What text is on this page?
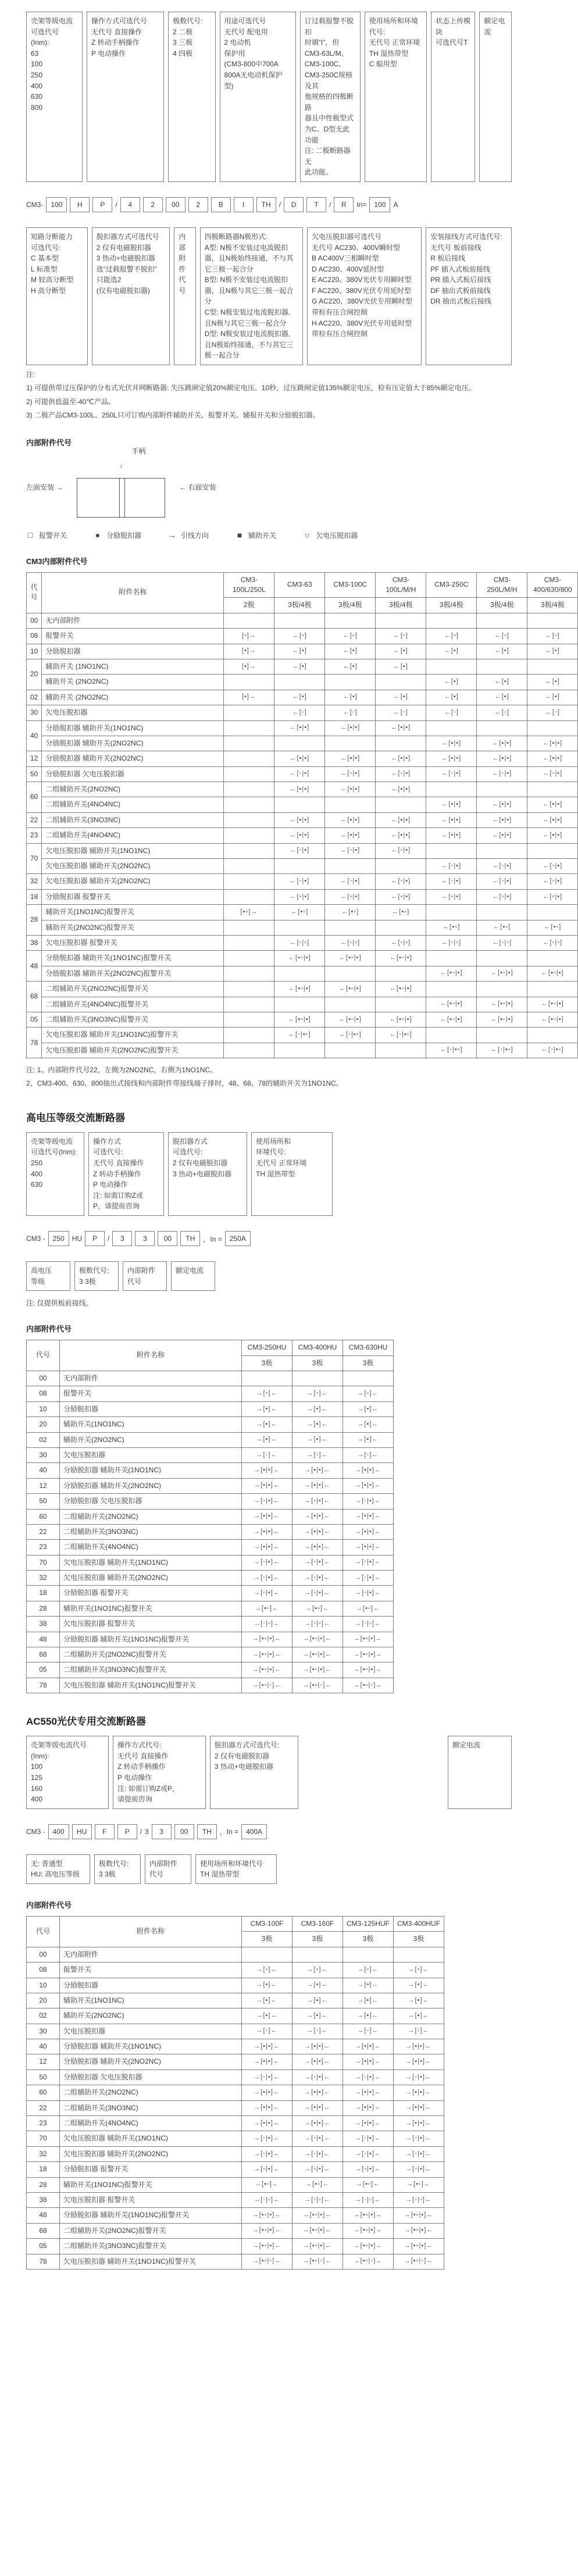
壳架等级电流
可选代号
(Inm):
63
100
250
400
630
800
操作方式可选代号
无代号 直接操作
Z 转动手柄操作
P 电动操作
极数代号:
2 二极
3 三极
4 四极
用途可选代号
无代号 配电用
2 电动机
保护用
(CM3-800中700A
800A无电动机保护型)
订过载报警不脱扣
时填“I”，但
CM3-63L/M、
CM3-100C、
CM3-250C规格及其
他规格的四极断路
器且中性极型式
为C、D型无此功能
注: 二极断路器无
此功能。
使用场所和环境
代号:
无代号 正常环境
TH 湿热带型
C 船用型
状态上传模块
可选代号T
额定电流
CM3-	100	H	P	/	4	2	00	2	B	I	TH	/	D	T	/	R	In=	100	A
短路分断能力
可选代号:
C 基本型
L 标准型
M 较高分断型
H 高分断型
脱扣器方式可选代号
2 仅有电磁脱扣器
3 热动+电磁脱扣器
选“过载报警不脱扣”
只能选2
(仅有电磁脱扣器)
内部
附件
代号
四极断路器N极形式:
A型: N极不安装过电流脱扣
器，且N极始终接通，不与其
它三极一起合分
B型: N极不安装过电流脱扣
器，且N极与其它三极一起合
分
C型: N极安装过电流脱扣器,
且N极与其它三极一起合分
D型: N极安装过电流脱扣器,
且N极始终接通，不与其它三
极一起合分
欠电压脱扣器可选代号
无代号 AC230、400V瞬时型
B AC400V三相瞬时型
D AC230、400V延时型
E AC220、380V光伏专用瞬时型
F AC220、380V光伏专用延时型
G AC220、380V光伏专用瞬时型
带检有压合闸控制
H AC220、380V光伏专用延时型
带检有压合闸控制
安装接线方式可选代号:
无代号 板前接线
R 板后接线
PF 插入式板前接线
PR 插入式板后接线
DF 抽出式板前接线
DR 抽出式板后接线

注:

1) 可提供带过压保护的分布式光伏并网断路器: 失压跳闸定值20%额定电压、10秒，过压跳闸定值135%额定电压，检有压定值大于85%额定电压。

2) 可提供低温至-40℃产品。

3) 二极产品CM3-100L、250L只可订购内部附件辅助开关、报警开关、辅报开关和分励脱扣器。

内部附件代号
左面安装 →
↓
手柄
← 右面安装
□ 报警开关	● 分励脱扣器	→ 引线方向	■ 辅助开关	○ 欠电压脱扣器
CM3内部附件代号
代号	附件名称	CM3-100L/250L	CM3-63	CM3-100C	CM3-100L/M/H	CM3-250C	CM3-250L/M/H	CM3-400/630/800
		2极	3极/4极	3极/4极	3极/4极	3极/4极	3极/4极	3极/4极
00	无内部附件							
08	报警开关	[▫]→	←[▫]	←[▫]	←[▫]	←[▫]	←[▫]	←[▫]
10	分励脱扣器	[•]→	←[•]	←[•]	←[•]	←[•]	←[•]	←[•]
20	辅助开关 (1NO1NC)	[▪]→	←[▪]	←[▪]	←[▪]			
	辅助开关 (2NO2NC)					←[▪]	←[▪]	←[▪]
02	辅助开关 (2NO2NC)	[▪]→	←[▪]	←[▪]	←[▪]	←[▪]	←[▪]	←[▪]
30	欠电压脱扣器		←[◦]	←[◦]	←[◦]	←[◦]	←[◦]	←[◦]
40	分励脱扣器 辅助开关(1NO1NC)		←[▪|•]	←[▪|•]	←[▪|•]			
	分励脱扣器 辅助开关(2NO2NC)					←[▪|•]	←[▪|•]	←[▪|•]
12	分励脱扣器 辅助开关(2NO2NC)		←[▪|•]	←[▪|•]	←[▪|•]	←[▪|•]	←[▪|•]	←[▪|•]
50	分励脱扣器 欠电压脱扣器		←[◦|•]	←[◦|•]	←[◦|•]	←[◦|•]	←[◦|•]	←[◦|•]
60	二组辅助开关(2NO2NC)		←[▪|▪]	←[▪|▪]	←[▪|▪]			
	二组辅助开关(4NO4NC)					←[▪|▪]	←[▪|▪]	←[▪|▪]
22	二组辅助开关(3NO3NC)		←[▪|▪]	←[▪|▪]	←[▪|▪]	←[▪|▪]	←[▪|▪]	←[▪|▪]
23	二组辅助开关(4NO4NC)		←[▪|▪]	←[▪|▪]	←[▪|▪]	←[▪|▪]	←[▪|▪]	←[▪|▪]
70	欠电压脱扣器 辅助开关(1NO1NC)		←[◦|▪]	←[◦|▪]	←[◦|▪]			
	欠电压脱扣器 辅助开关(2NO2NC)					←[◦|▪]	←[◦|▪]	←[◦|▪]
32	欠电压脱扣器 辅助开关(2NO2NC)		←[◦|▪]	←[◦|▪]	←[◦|▪]	←[◦|▪]	←[◦|▪]	←[◦|▪]
18	分励脱扣器 报警开关		←[▫|•]	←[▫|•]	←[▫|•]	←[▫|•]	←[▫|•]	←[▫|•]
28	辅助开关(1NO1NC)报警开关	[▪▫]→	←[▪▫]	←[▪▫]	←[▪▫]			
	辅助开关(2NO2NC)报警开关					←[▪▫]	←[▪▫]	←[▪▫]
38	欠电压脱扣器 报警开关		←[◦|▫]	←[◦|▫]	←[◦|▫]	←[◦|▫]	←[◦|▫]	←[◦|▫]
48	分励脱扣器 辅助开关(1NO1NC)报警开关		←[▪▫|•]	←[▪▫|•]	←[▪▫|•]			
	分励脱扣器 辅助开关(2NO2NC)报警开关					←[▪▫|•]	←[▪▫|•]	←[▪▫|•]
68	二组辅助开关(2NO2NC)报警开关		←[▪▫|▪]	←[▪▫|▪]	←[▪▫|▪]			
	二组辅助开关(4NO4NC)报警开关					←[▪▫|▪]	←[▪▫|▪]	←[▪▫|▪]
05	二组辅助开关(3NO3NC)报警开关		←[▪▫|▪]	←[▪▫|▪]	←[▪▫|▪]	←[▪▫|▪]	←[▪▫|▪]	←[▪▫|▪]
78	欠电压脱扣器 辅助开关(1NO1NC)报警开关		←[◦|▪▫]	←[◦|▪▫]	←[◦|▪▫]			
	欠电压脱扣器 辅助开关(2NO2NC)报警开关					←[◦|▪▫]	←[◦|▪▫]	←[◦|▪▫]

注: 1、内部附件代号22，左侧为2NO2NC，右侧为1NO1NC。

2、CM3-400、630、800抽出式接线和内部附件带接线端子排时，48、68、78的辅助开关为1NO1NC。

高电压等级交流断路器
壳架等级电流
可选代号(Inm):
250
400
630
操作方式
可选代号:
无代号 直接操作
Z 转动手柄操作
P 电动操作
注: 如需订购Z或
P，请提前咨询
脱扣器方式
可选代号:
2 仅有电磁脱扣器
3 热动+电磁脱扣器
使用场所和
环境代号:
无代号 正常环境
TH 湿热带型
CM3 -	250	HU	P	/	3	3	00	TH	，In =	250A
高电压
等级
极数代号:
3 3极
内部附件
代号
额定电流

注: 仅提供板前接线。

内部附件代号
代号	附件名称	CM3-250HU	CM3-400HU	CM3-630HU
		3极	3极	3极
00	无内部附件			
08	报警开关	→[▫]←	→[▫]←	→[▫]←
10	分励脱扣器	→[•]←	→[•]←	→[•]←
20	辅助开关(1NO1NC)	→[▪]←	→[▪]←	→[▪]←
02	辅助开关(2NO2NC)	→[▪]←	→[▪]←	→[▪]←
30	欠电压脱扣器	→[◦]←	→[◦]←	→[◦]←
40	分励脱扣器 辅助开关(1NO1NC)	→[▪|•]←	→[▪|•]←	→[▪|•]←
12	分励脱扣器 辅助开关(2NO2NC)	→[▪|•]←	→[▪|•]←	→[▪|•]←
50	分励脱扣器 欠电压脱扣器	→[◦|•]←	→[◦|•]←	→[◦|•]←
60	二组辅助开关(2NO2NC)	→[▪|▪]←	→[▪|▪]←	→[▪|▪]←
22	二组辅助开关(3NO3NC)	→[▪|▪]←	→[▪|▪]←	→[▪|▪]←
23	二组辅助开关(4NO4NC)	→[▪|▪]←	→[▪|▪]←	→[▪|▪]←
70	欠电压脱扣器 辅助开关(1NO1NC)	→[◦|▪]←	→[◦|▪]←	→[◦|▪]←
32	欠电压脱扣器 辅助开关(2NO2NC)	→[◦|▪]←	→[◦|▪]←	→[◦|▪]←
18	分励脱扣器 报警开关	→[▫|•]←	→[▫|•]←	→[▫|•]←
28	辅助开关(1NO1NC)报警开关	→[▪▫]←	→[▪▫]←	→[▪▫]←
38	欠电压脱扣器 报警开关	→[◦|▫]←	→[◦|▫]←	→[◦|▫]←
48	分励脱扣器 辅助开关(1NO1NC)报警开关	→[▪▫|•]←	→[▪▫|•]←	→[▪▫|•]←
68	二组辅助开关(2NO2NC)报警开关	→[▪▫|▪]←	→[▪▫|▪]←	→[▪▫|▪]←
05	二组辅助开关(3NO3NC)报警开关	→[▪▫|▪]←	→[▪▫|▪]←	→[▪▫|▪]←
78	欠电压脱扣器 辅助开关(1NO1NC)报警开关	→[▪▫|◦]←	→[▪▫|◦]←	→[▪▫|◦]←
AC550光伏专用交流断路器
壳架等级电流代号
(Inm):
100
125
160
400
操作方式代号:
无代号 直接操作
Z 转动手柄操作
P 电动操作
注: 如需订购Z或P，
请提前咨询
脱扣器方式可选代号:
2 仅有电磁脱扣器
3 热动+电磁脱扣器
额定电流
CM3 -	400	HU	F	P	/ 3	3	00	TH	，In =	400A
无: 普通型
HU: 高电压等级
极数代号:
3 3极
内部附件
代号
使用场所和环境代号
TH 湿热带型
内部附件代号
代号	附件名称	CM3-100F	CM3-160F	CM3-125HUF	CM3-400HUF
		3极	3极	3极	3极
00	无内部附件				
08	报警开关	→[▫]←	→[▫]←	→[▫]←	→[▫]←
10	分励脱扣器	→[•]←	→[•]←	→[•]←	→[•]←
20	辅助开关(1NO1NC)	→[▪]←	→[▪]←	→[▪]←	→[▪]←
02	辅助开关(2NO2NC)	→[▪]←	→[▪]←	→[▪]←	→[▪]←
30	欠电压脱扣器	→[◦]←	→[◦]←	→[◦]←	→[◦]←
40	分励脱扣器 辅助开关(1NO1NC)	→[▪|•]←	→[▪|•]←	→[▪|•]←	→[▪|•]←
12	分励脱扣器 辅助开关(2NO2NC)	→[▪|•]←	→[▪|•]←	→[▪|•]←	→[▪|•]←
50	分励脱扣器 欠电压脱扣器	→[◦|•]←	→[◦|•]←	→[◦|•]←	→[◦|•]←
60	二组辅助开关(2NO2NC)	→[▪|▪]←	→[▪|▪]←	→[▪|▪]←	→[▪|▪]←
22	二组辅助开关(3NO3NC)	→[▪|▪]←	→[▪|▪]←	→[▪|▪]←	→[▪|▪]←
23	二组辅助开关(4NO4NC)	→[▪|▪]←	→[▪|▪]←	→[▪|▪]←	→[▪|▪]←
70	欠电压脱扣器 辅助开关(1NO1NC)	→[◦|▪]←	→[◦|▪]←	→[◦|▪]←	→[◦|▪]←
32	欠电压脱扣器 辅助开关(2NO2NC)	→[◦|▪]←	→[◦|▪]←	→[◦|▪]←	→[◦|▪]←
18	分励脱扣器 报警开关	→[▫|•]←	→[▫|•]←	→[▫|•]←	→[▫|•]←
28	辅助开关(1NO1NC)报警开关	→[▪▫]←	→[▪▫]←	→[▪▫]←	→[▪▫]←
38	欠电压脱扣器 报警开关	→[◦|▫]←	→[◦|▫]←	→[◦|▫]←	→[◦|▫]←
48	分励脱扣器 辅助开关(1NO1NC)报警开关	→[▪▫|•]←	→[▪▫|•]←	→[▪▫|•]←	→[▪▫|•]←
68	二组辅助开关(2NO2NC)报警开关	→[▪▫|▪]←	→[▪▫|▪]←	→[▪▫|▪]←	→[▪▫|▪]←
05	二组辅助开关(3NO3NC)报警开关	→[▪▫|▪]←	→[▪▫|▪]←	→[▪▫|▪]←	→[▪▫|▪]←
78	欠电压脱扣器 辅助开关(1NO1NC)报警开关	→[▪▫|◦]←	→[▪▫|◦]←	→[▪▫|◦]←	→[▪▫|◦]←
